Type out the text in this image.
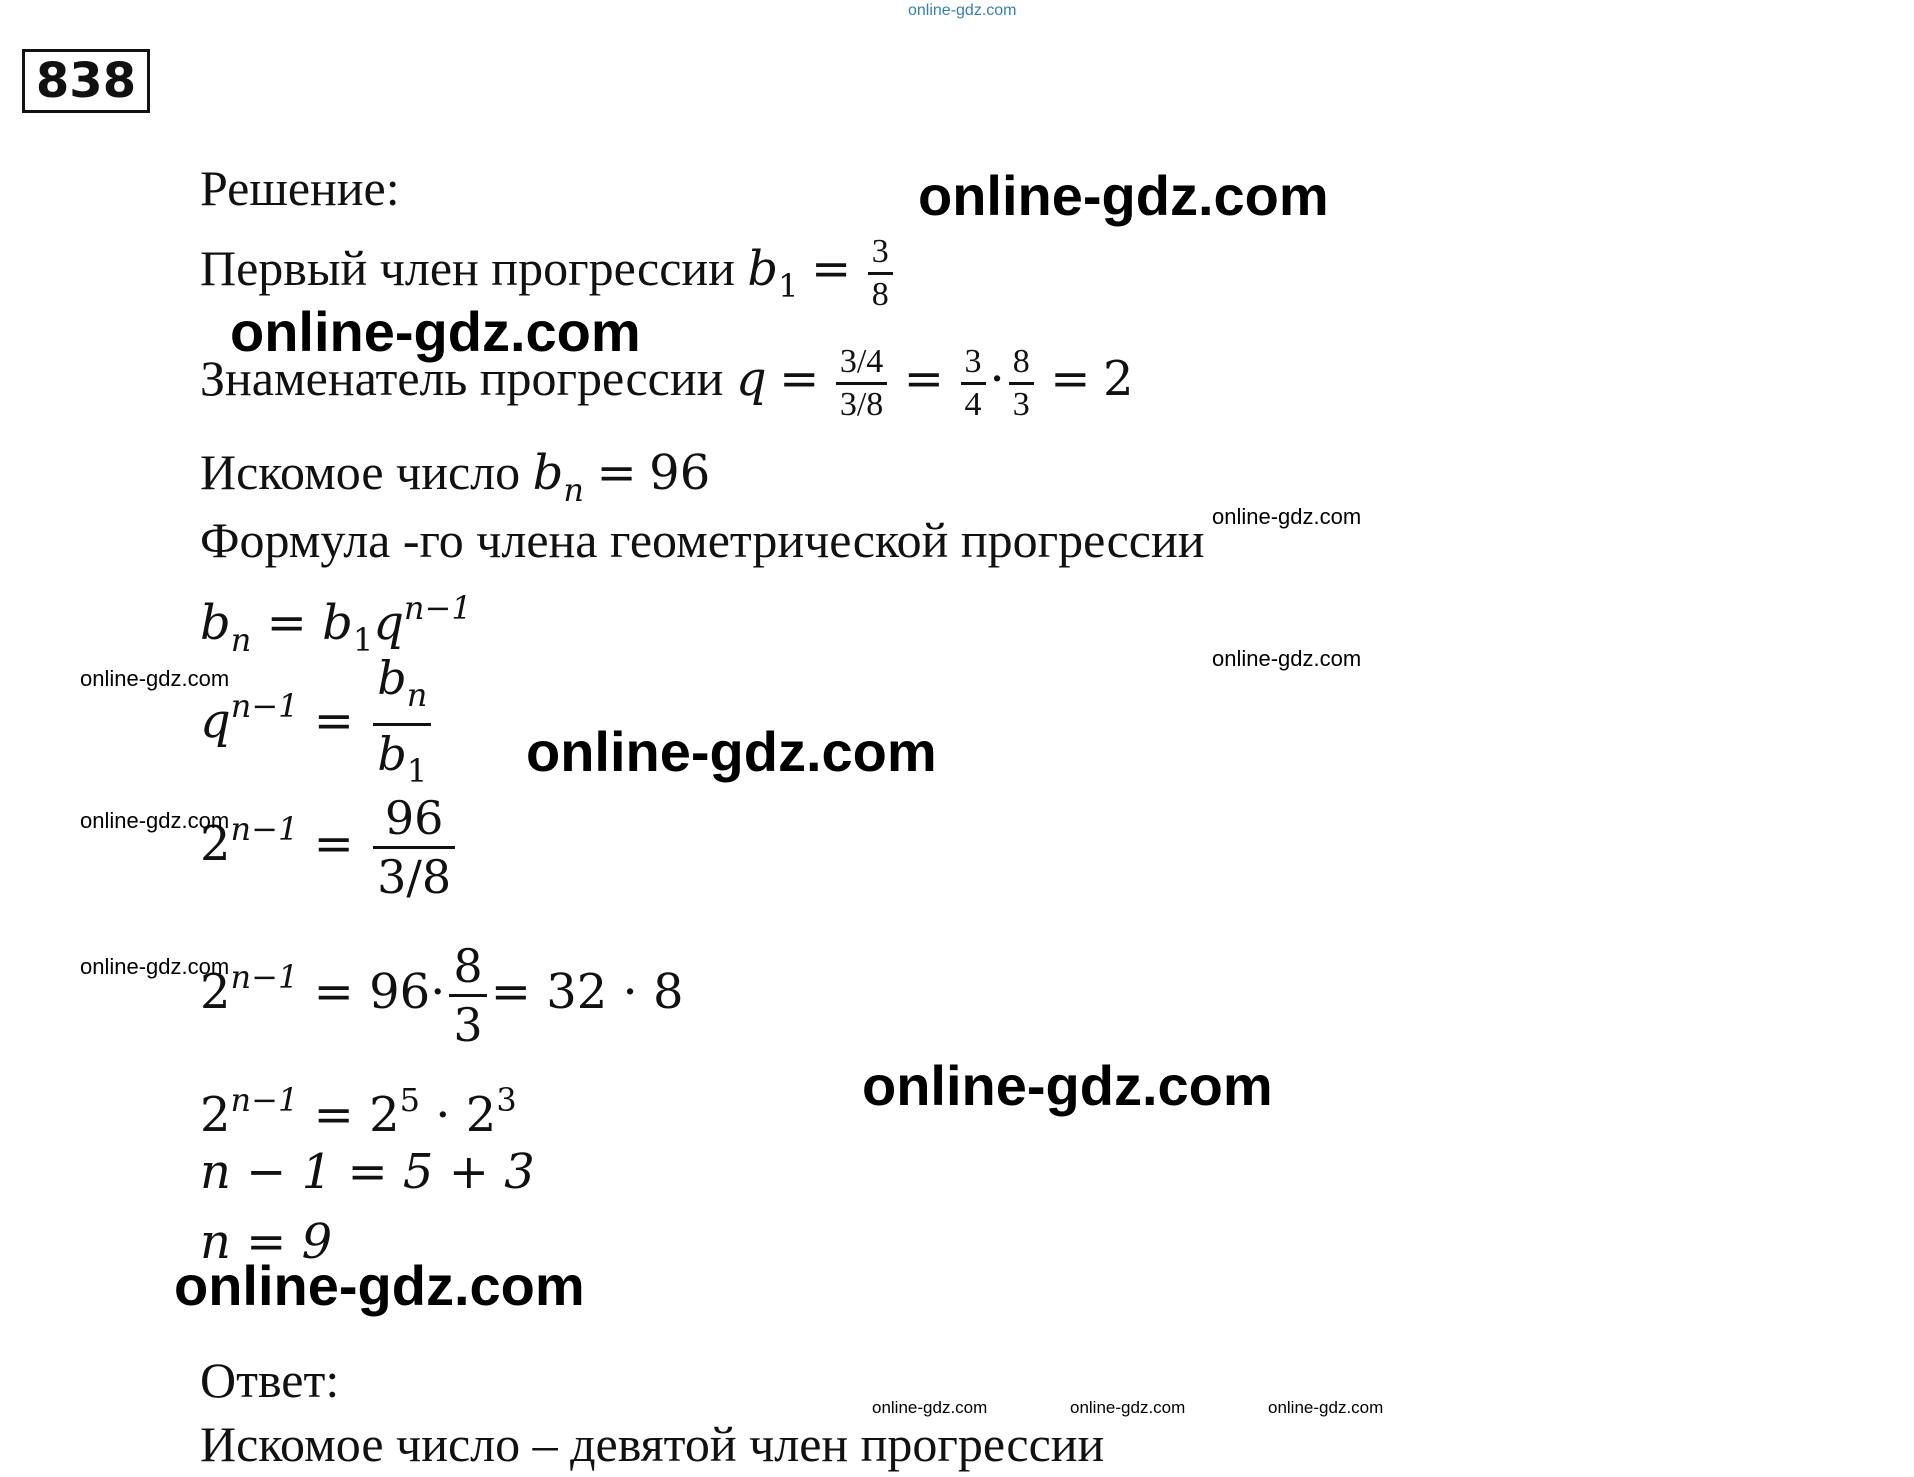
online-gdz.com
838
Решение:
Первый член прогрессии $b_1 = \frac{3}{8}$
Знаменатель прогрессии $q = \frac{3/4}{3/8} = \frac{3}{4} \cdot \frac{8}{3} = 2$
Искомое число $b_n = 96$
Формула -го члена геометрической прогрессии
$b_n = b_1q^{n-1}$
$q^{n-1} = \frac{b_n}{b_1}$
$2^{n-1} = \frac{96}{3/8}$
$2^{n-1} = 96\cdot \frac{8}{3} = 32 \cdot 8$
$2^{n-1} = 2^5 \cdot 2^3$
n − 1 = 5 + 3
n = 9
Ответ:
Искомое число – девятой член прогрессии
online-gdz.com
online-gdz.com
online-gdz.com
online-gdz.com
online-gdz.com
online-gdz.com
online-gdz.com
online-gdz.com
online-gdz.com
online-gdz.com
online-gdz.com	online-gdz.com	online-gdz.com
